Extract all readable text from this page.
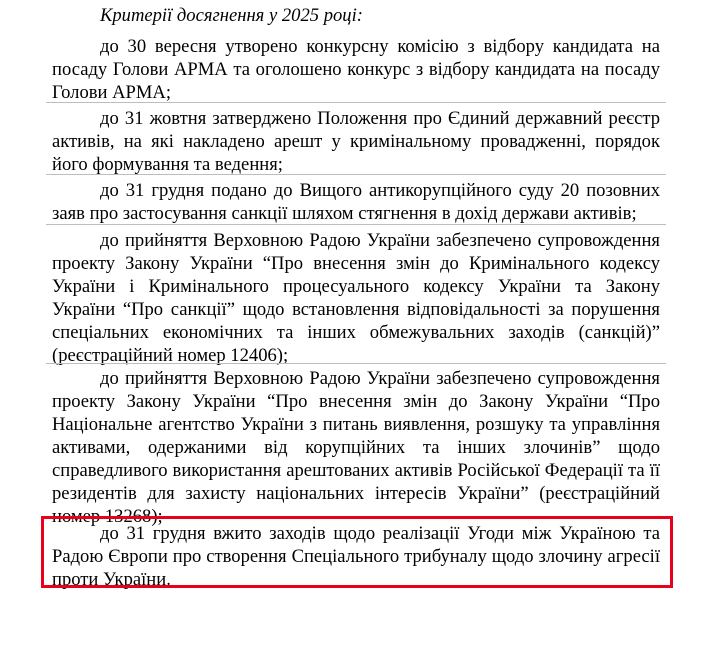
Критерії досягнення у 2025 році:

до 30 вересня утворено конкурсну комісію з відбору кандидата на посаду Голови АРМА та оголошено конкурс з відбору кандидата на посаду Голови АРМА;

до 31 жовтня затверджено Положення про Єдиний державний реєстр активів, на які накладено арешт у кримінальному провадженні, порядок його формування та ведення;

до 31 грудня подано до Вищого антикорупційного суду 20 позовних заяв про застосування санкції шляхом стягнення в дохід держави активів;

до прийняття Верховною Радою України забезпечено супровождення проекту Закону України “Про внесення змін до Кримінального кодексу України і Кримінального процесуального кодексу України та Закону України “Про санкції” щодо встановлення відповідальності за порушення спеціальних економічних та інших обмежувальних заходів (санкцій)” (реєстраційний номер 12406);

до прийняття Верховною Радою України забезпечено супровождення проекту Закону України “Про внесення змін до Закону України “Про Національне агентство України з питань виявлення, розшуку та управління активами, одержаними від корупційних та інших злочинів” щодо справедливого використання арештованих активів Російської Федерації та її резидентів для захисту національних інтересів України” (реєстраційний номер 13268);

до 31 грудня вжито заходів щодо реалізації Угоди між Україною та Радою Європи про створення Спеціального трибуналу щодо злочину агресії проти України.
